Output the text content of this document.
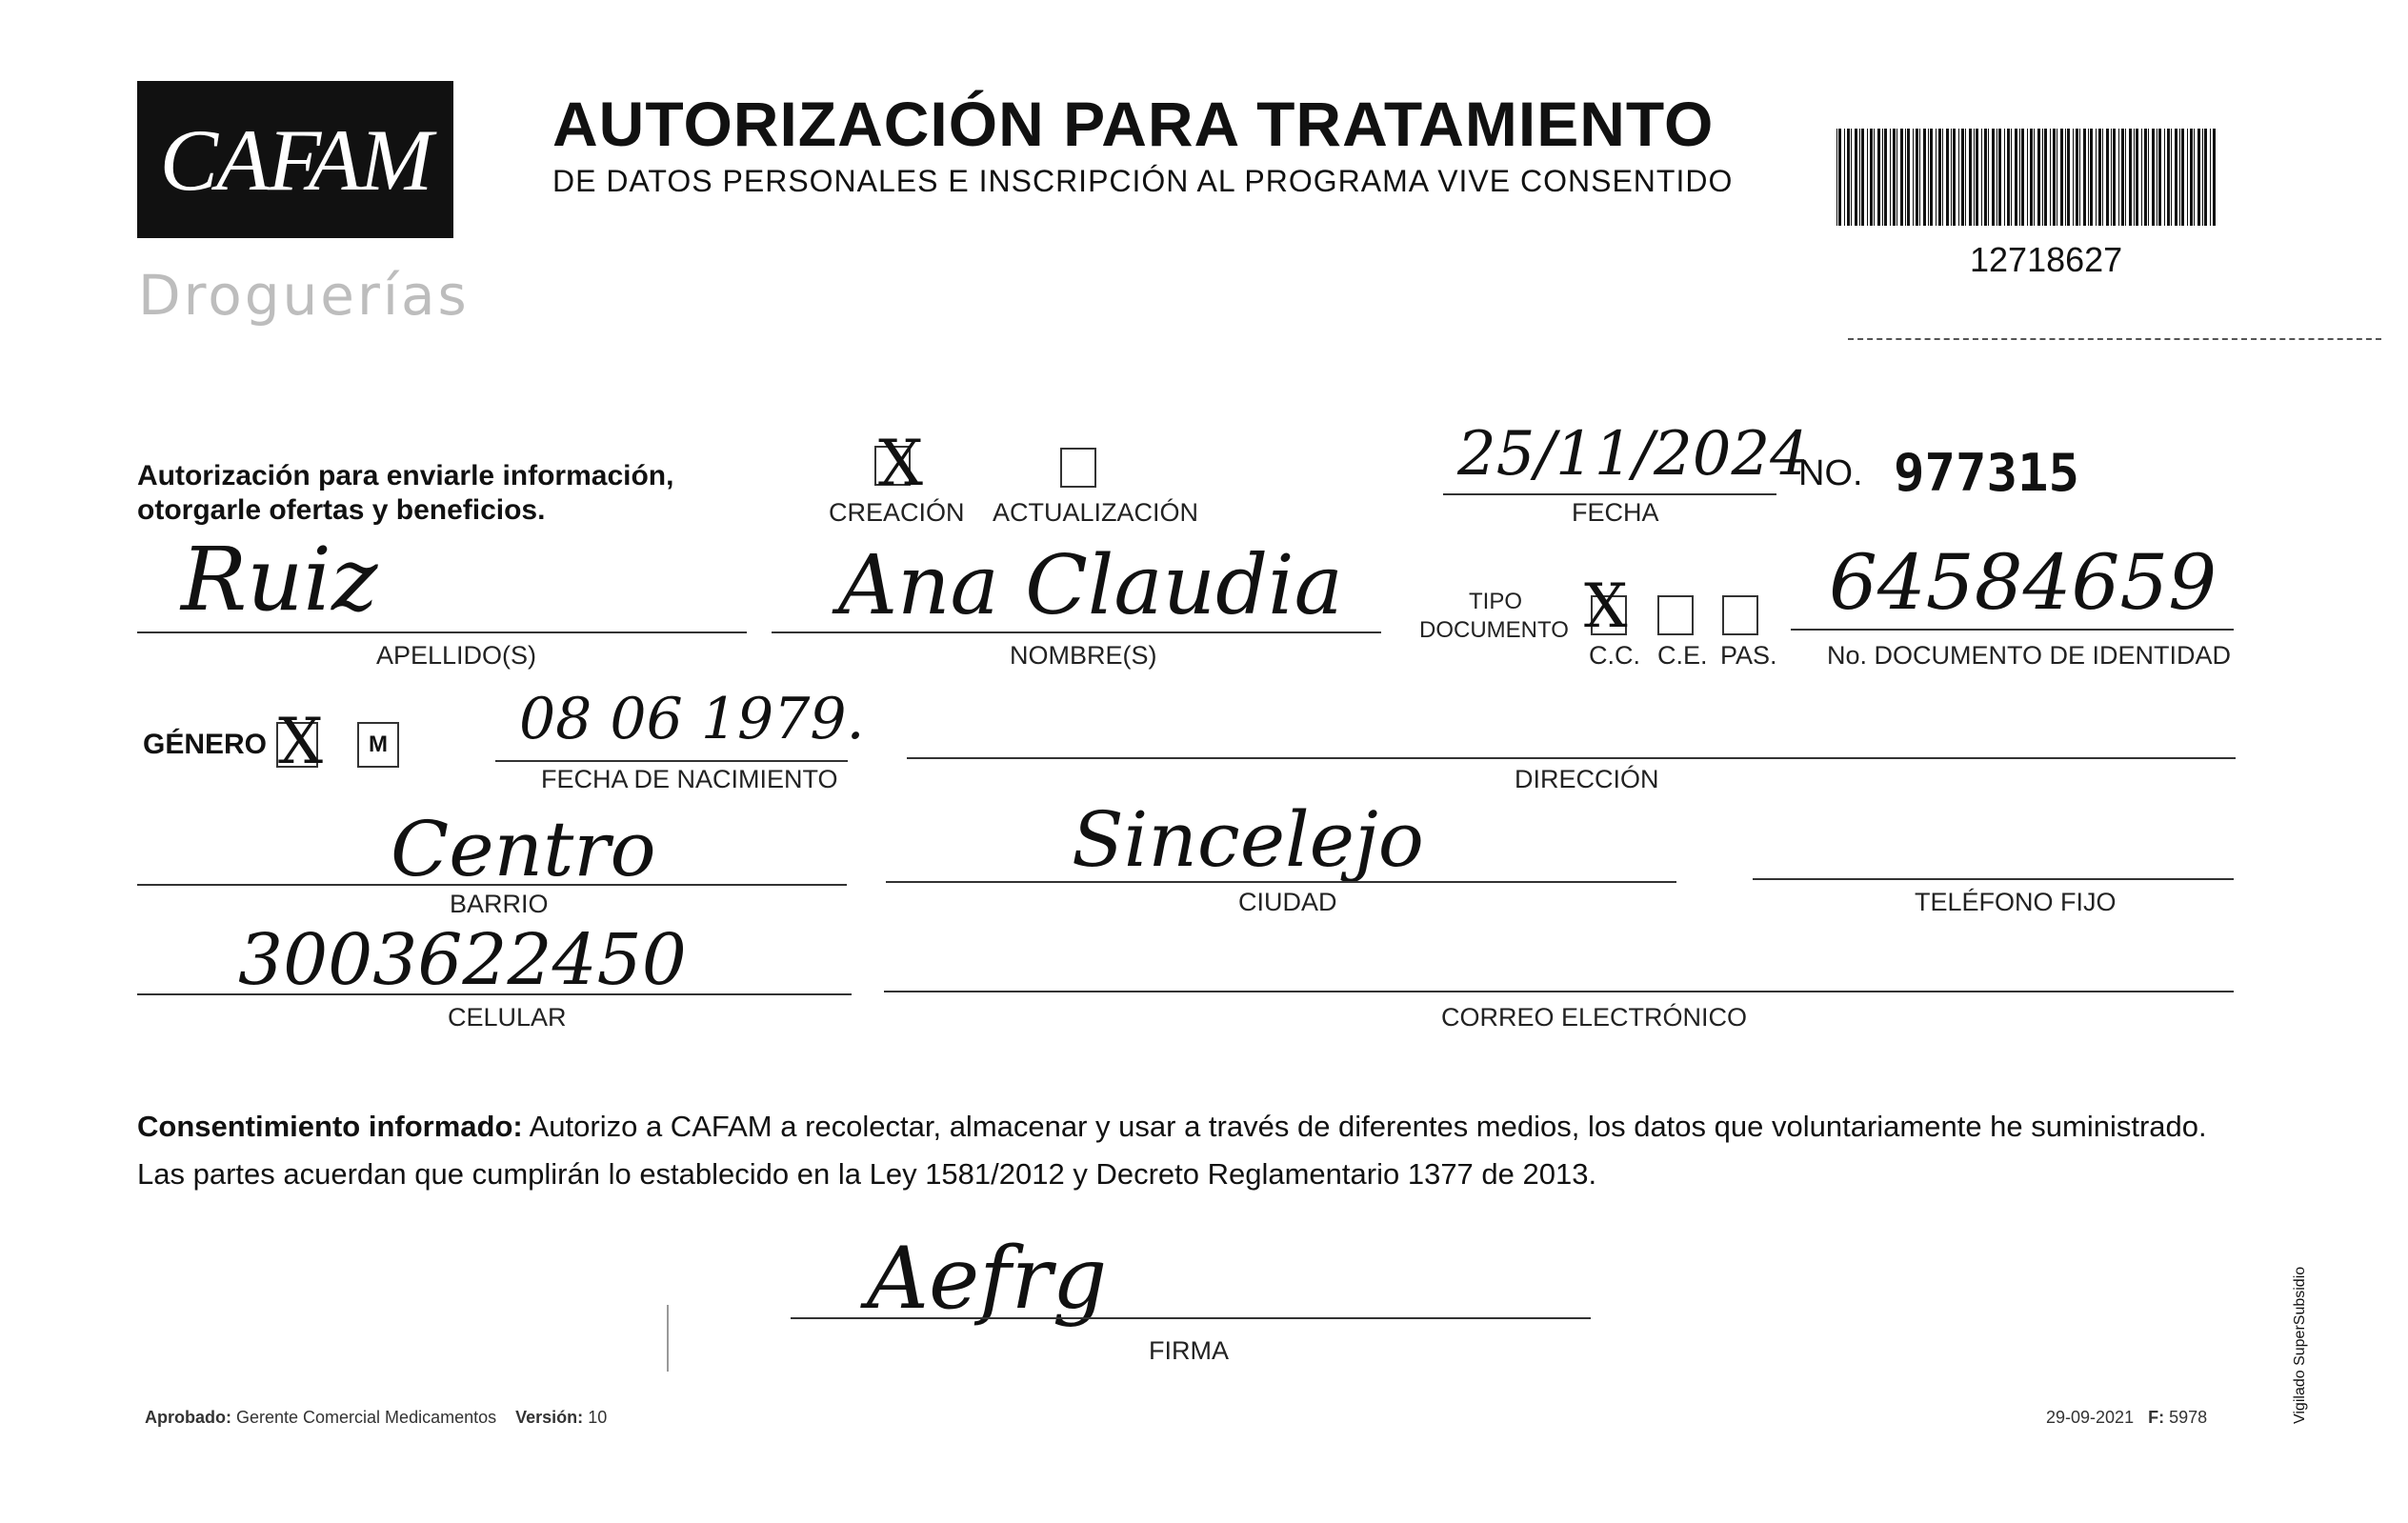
CAFAM
Droguerías
AUTORIZACIÓN PARA TRATAMIENTO
DE DATOS PERSONALES E INSCRIPCIÓN AL PROGRAMA VIVE CONSENTIDO
12718627
Autorización para enviarle información,
otorgarle ofertas y beneficios.
X
CREACIÓN ACTUALIZACIÓN
25/11/2024
FECHA
NO. 977315
Ruiz
APELLIDO(S)
Ana Claudia
NOMBRE(S)
TIPO
DOCUMENTO X
C.C. C.E. PAS.
64584659
No. DOCUMENTO DE IDENTIDAD
GÉNERO X M 08 06 1979.
FECHA DE NACIMIENTO	DIRECCIÓN
Centro
BARRIO
Sincelejo
CIUDAD	TELÉFONO FIJO
3003622450
CELULAR	CORREO ELECTRÓNICO
Consentimiento informado: Autorizo a CAFAM a recolectar, almacenar y usar a través de diferentes medios, los datos que voluntariamente he suministrado.
Las partes acuerdan que cumplirán lo establecido en la Ley 1581/2012 y Decreto Reglamentario 1377 de 2013.
Aefrg
FIRMA
Aprobado: Gerente Comercial Medicamentos Versión: 10	29-09-2021 F: 5978	Vigilado SuperSubsidio
